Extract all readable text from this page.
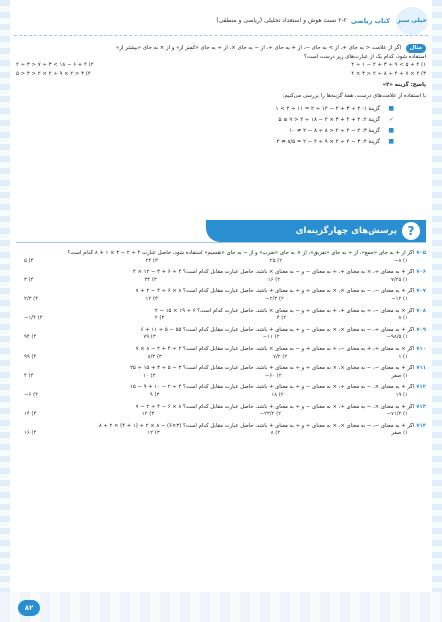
خیلی سبز
کتاب ریاضی
۲-۲ تست هوش و استعداد تحلیلی (ریاضی و منطقی)
مثال اگر از علامت < به جای +، از > به جای −، از + به جای ÷، از − به جای ×، از ÷ به جای «کمتر از» و از × به جای «بیشتر از»
استفاده شود، کدام یک از عبارت‌های زیر درست است؟
۱) ۴ + ۵ > ۹ ÷ ۳ + ۲ − ۱ ÷ ۴
۲) ۴ + ۶ − ۱۸ > ۳ ÷ ۷ < ۳ ÷ ۲
۳) ۲ × ۷ + ۴ ÷ ۸ ÷ ۲ < ۳ × ۴
۴) ۳ < ۲ × ۹ ÷ ۲ × ۲ < ۳ < ۵
پاسخ: گزینه «۲»
با استفاده از علامت‌های درست، همهٔ گزینه‌ها را بررسی می‌کنیم:
■
گزینهٔ ۱: ۲ ÷ ۳ + ۲ − ۱۲ ÷ ۲ = ۱۱ ÷ ۲ > ۱
✓
گزینهٔ ۲: ۲ + ۴ + ۳ × ۲ − ۱۸ ÷ ۲ < ۹ ≥ ۵
■
گزینهٔ ۳: ۲ − ۴ ÷ ۲ < ۸ ÷ ۸ − ۲ ≠ ۱۰
■
گزینهٔ ۴: ۳ − ۴ ÷ ۲ × ۹ ÷ ۲ − ۲ = ۸/۵ ≠ ۲
?
پرسش‌های چهارگزینه‌ای
۷۰۵اگر از + به جای «جمع»، از ÷ به جای «تفریق»، از × به جای «ضرب» و از − به جای «تقسیم» استفاده شود، حاصل عبارت ۴ ÷ ۲ − ۳ × ۱ + ۸ کدام است؟
۱) ۸−
۲) ۲۵
۳) ۲۴
۴) ۵
۷۰۶اگر + به معنای ÷، × به معنای +، ÷ به معنای − و − به معنای × باشد، حاصل عبارت مقابل کدام است؟ ۴ ÷ ۶ + ۳ − ۱۲ × ۴
۱) ۷/۲۵
۲) ۱۶
۳) ۳۴
۴) ۳
۷۰۷اگر + به معنای −، − به معنای ×، × به معنای ÷ و ÷ به معنای + باشد، حاصل عبارت مقابل کدام است؟ ۸ × ۶ ÷ ۴ − ۲ + ۷
۱) ۱۲−
۲) ۲/۳−
۳) ۱۲
۴) ۲/۳
۷۰۸اگر × به معنای −، ÷ به معنای +، + به معنای ÷ و − به معنای × باشد، حاصل عبارت کدام است؟ ۶ ÷ ۱۹ × ۱۵ − ۲
۱) ۸
۲) ۴
۳) ۲
۴) ۱/۴−
۷۰۹اگر + به معنای ÷، − به معنای ×، × به معنای − و ÷ به معنای + باشد، حاصل عبارت مقابل کدام است؟ ۵۵ − ۵ ÷ ۱۱ + ۶
۱) ۹۸/۵−
۲) ۱۱−
۳) ۷۹
۴) ۹۴
۷۱۰اگر × به معنای ÷، + به معنای −، ÷ به معنای + و − به معنای × باشد، حاصل عبارت مقابل کدام است؟ ۲ ÷ ۴ + ۲ − ۸ × ۷
۱) ۱
۲) ۷/۲
۳) ۸/۳
۴) ۹۹
۷۱۱اگر + به معنای −، − به معنای ×، × به معنای ÷ و ÷ به معنای + باشد، حاصل عبارت مقابل کدام است؟ ۳ − ۵ ÷ ۳ + ۱۵ ÷ ۲۵
۱) صفر
۲) ۶۰−
۳) ۱۰
۴) ۴
۷۱۲اگر + به معنای ×، − به معنای ÷، × به معنای − و ÷ به معنای + باشد، حاصل عبارت مقابل کدام است؟ ۴ ÷ ۲ − ۱۰ + ۹ − ۱۵
۱) ۱۹
۲) ۱۸
۳) ۹
۴) ۶−
۷۱۳اگر + به معنای ×، − به معنای ÷، × به معنای − و ÷ به معنای + باشد، حاصل عبارت مقابل کدام است؟ ۸ × ۶ − ۴ ÷ ۲ − ۷
۱) ۷۱/۲−
۲) ۲۳/۲−
۳) ۱۲
۴) ۱۴
۷۱۴اگر + به معنای −، − به معنای ×، × به معنای ÷ و ÷ به معنای + باشد، حاصل عبارت مقابل کدام است؟ (۳×۶) − ۸ × ۲ ÷ (۱ + ۴) × ۲ ÷ ۸
۱) صفر
۲) ۸
۳) ۱۲
۴) ۱۶
۸۲
